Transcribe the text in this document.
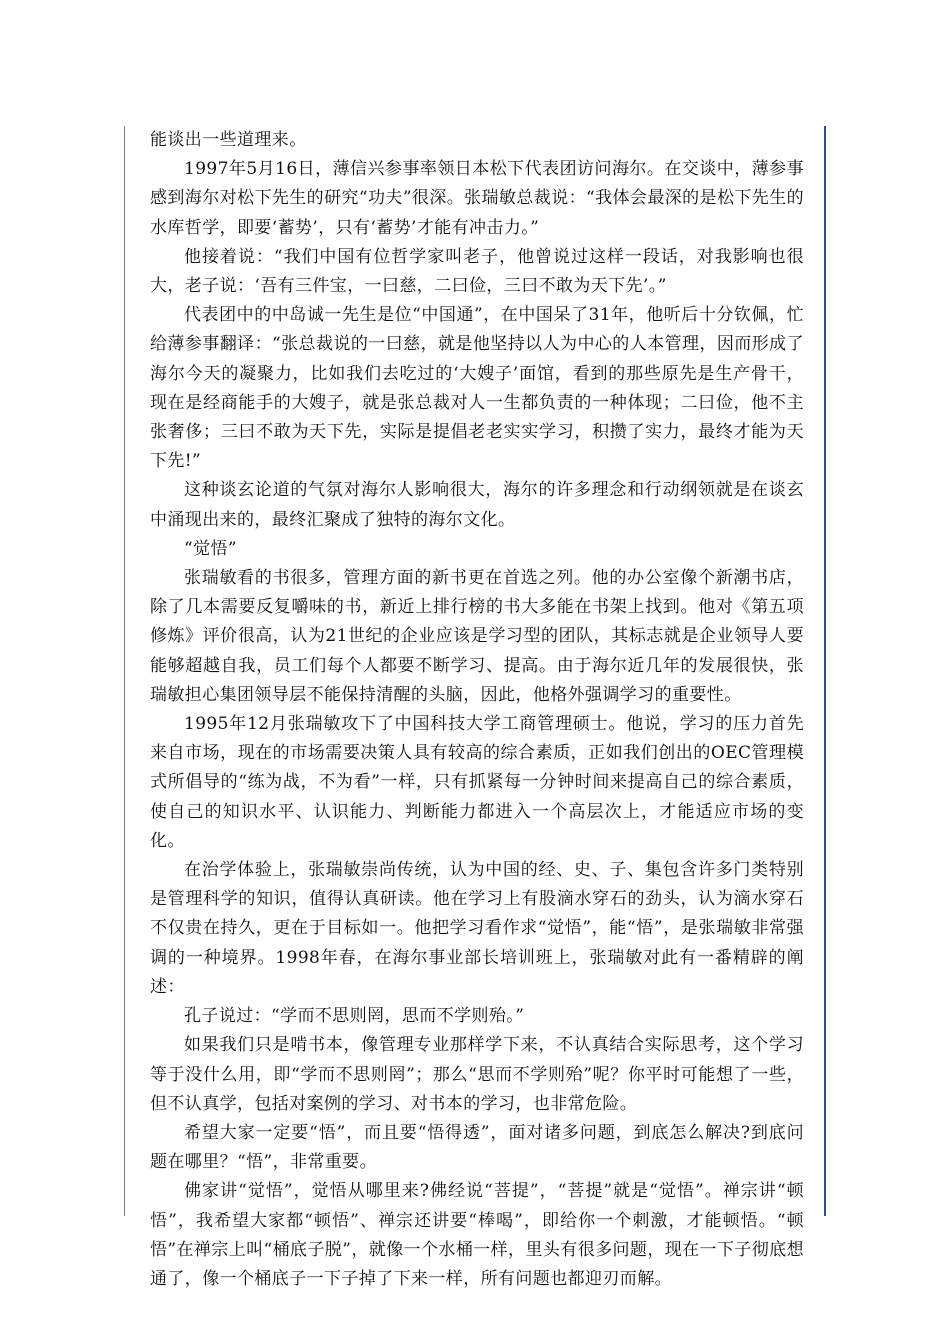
能谈出一些道理来。

1997年5月16日，薄信兴参事率领日本松下代表团访问海尔。在交谈中，薄参事感到海尔对松下先生的研究“功夫”很深。张瑞敏总裁说：“我体会最深的是松下先生的水库哲学，即要‘蓄势’，只有‘蓄势’才能有冲击力。”

他接着说：“我们中国有位哲学家叫老子，他曾说过这样一段话，对我影响也很大，老子说：‘吾有三件宝，一曰慈，二曰俭，三曰不敢为天下先’。”

代表团中的中岛诚一先生是位“中国通”，在中国呆了31年，他听后十分钦佩，忙给薄参事翻译：“张总裁说的一曰慈，就是他坚持以人为中心的人本管理，因而形成了海尔今天的凝聚力，比如我们去吃过的‘大嫂子’面馆，看到的那些原先是生产骨干，现在是经商能手的大嫂子，就是张总裁对人一生都负责的一种体现；二曰俭，他不主张奢侈；三曰不敢为天下先，实际是提倡老老实实学习，积攒了实力，最终才能为天下先!”

这种谈玄论道的气氛对海尔人影响很大，海尔的许多理念和行动纲领就是在谈玄中涌现出来的，最终汇聚成了独特的海尔文化。

“觉悟”

张瑞敏看的书很多，管理方面的新书更在首选之列。他的办公室像个新潮书店，除了几本需要反复嚼味的书，新近上排行榜的书大多能在书架上找到。他对《第五项修炼》评价很高，认为21世纪的企业应该是学习型的团队，其标志就是企业领导人要能够超越自我，员工们每个人都要不断学习、提高。由于海尔近几年的发展很快，张瑞敏担心集团领导层不能保持清醒的头脑，因此，他格外强调学习的重要性。

1995年12月张瑞敏攻下了中国科技大学工商管理硕士。他说，学习的压力首先来自市场，现在的市场需要决策人具有较高的综合素质，正如我们创出的OEC管理模式所倡导的“练为战，不为看”一样，只有抓紧每一分钟时间来提高自己的综合素质，使自己的知识水平、认识能力、判断能力都进入一个高层次上，才能适应市场的变化。

在治学体验上，张瑞敏崇尚传统，认为中国的经、史、子、集包含许多门类特别是管理科学的知识，值得认真研读。他在学习上有股滴水穿石的劲头，认为滴水穿石不仅贵在持久，更在于目标如一。他把学习看作求“觉悟”，能“悟”，是张瑞敏非常强调的一种境界。1998年春，在海尔事业部长培训班上，张瑞敏对此有一番精辟的阐述：

孔子说过：“学而不思则罔，思而不学则殆。”

如果我们只是啃书本，像管理专业那样学下来，不认真结合实际思考，这个学习等于没什么用，即“学而不思则罔”；那么“思而不学则殆”呢？你平时可能想了一些，但不认真学，包括对案例的学习、对书本的学习，也非常危险。

希望大家一定要“悟”，而且要“悟得透”，面对诸多问题，到底怎么解决?到底问题在哪里？“悟”，非常重要。

佛家讲“觉悟”，觉悟从哪里来?佛经说“菩提”，“菩提”就是“觉悟”。禅宗讲“顿悟”，我希望大家都“顿悟”、禅宗还讲要“棒喝”，即给你一个刺激，才能顿悟。“顿悟”在禅宗上叫“桶底子脱”，就像一个水桶一样，里头有很多问题，现在一下子彻底想通了，像一个桶底子一下子掉了下来一样，所有问题也都迎刃而解。
